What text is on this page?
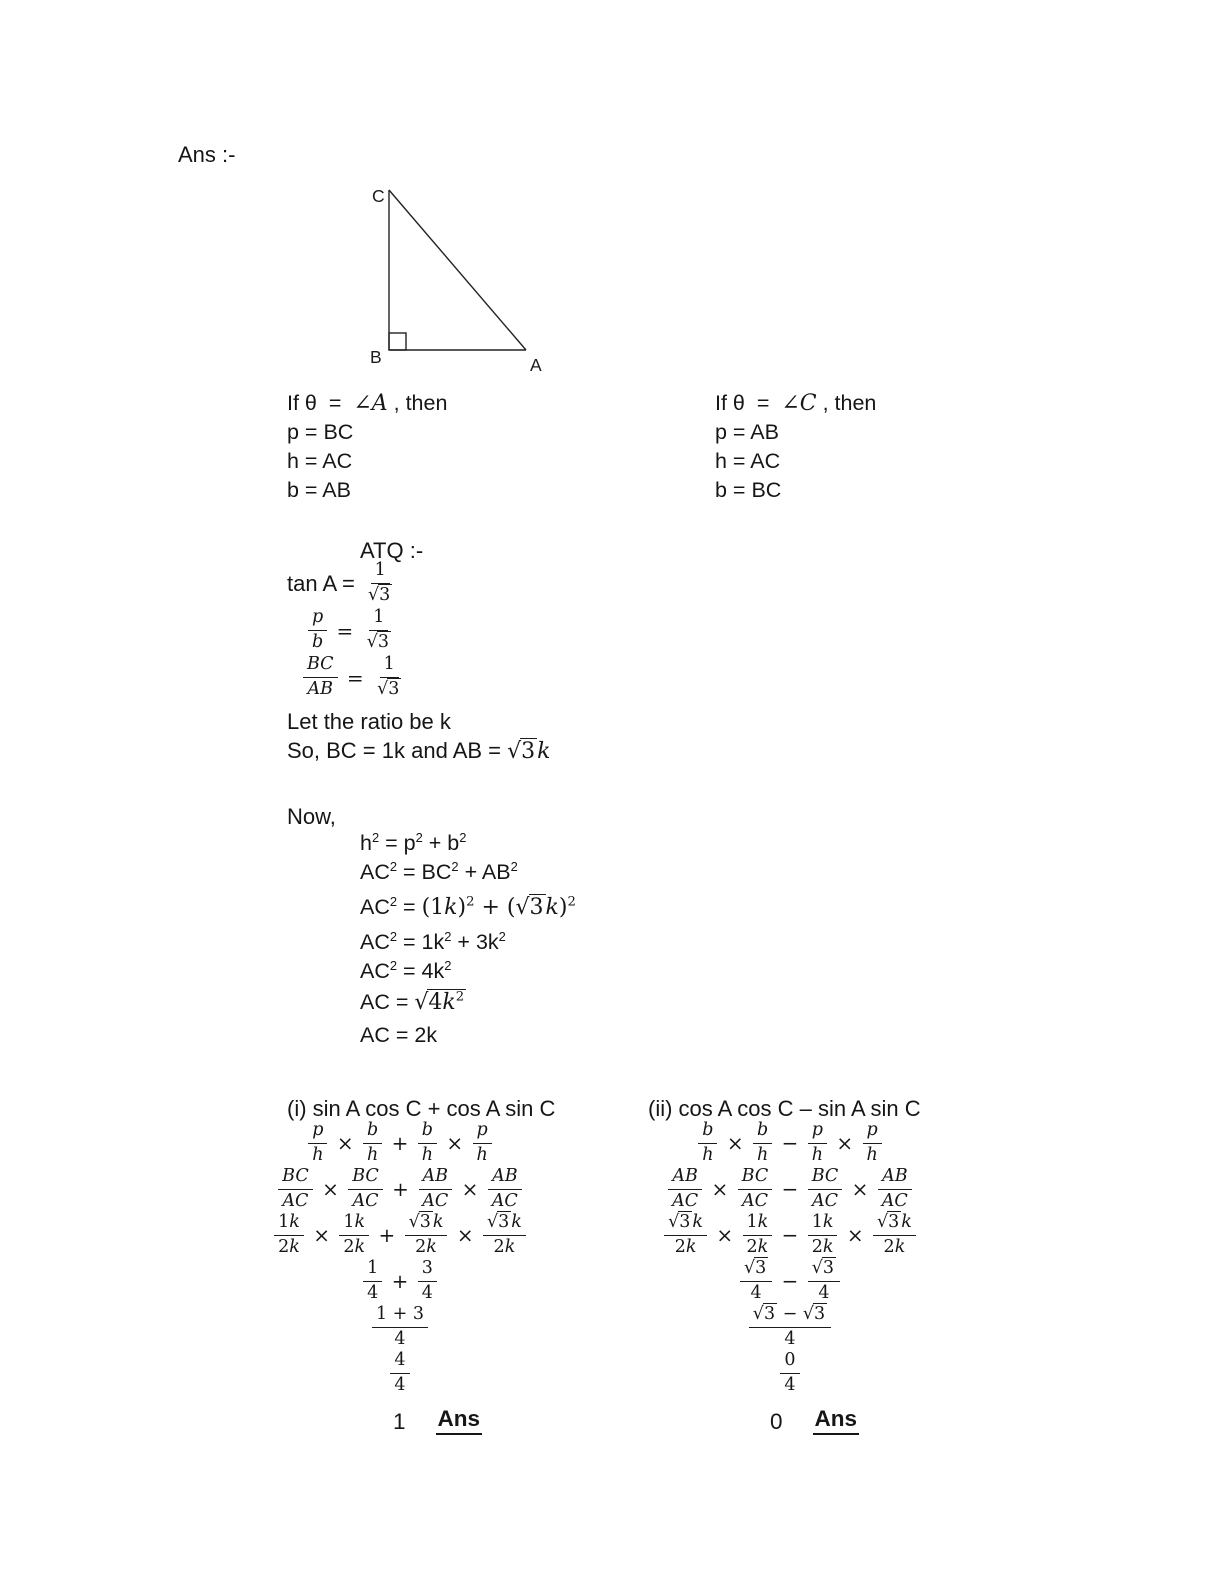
Ans :-
C
B	A
If θ  =  ∠A , then
p = BC
h = AC
b = AB
If θ  =  ∠C , then
p = AB
h = AC
b = BC
ATQ :-
$\tan A = \frac{1}{√3}$
$\frac{p}{b} = \frac{1}{√3}$
$\frac{BC}{AB} = \frac{1}{√3}$
Let the ratio be k
So, BC = 1k and AB = √3k
Now,
$h^2 = p^2 + b^2$
$AC^2 = BC^2 + AB^2$
$AC^2 = (1k)^2 + (√3k)^2$
$AC^2 = 1k^2 + 3k^2$
$AC^2 = 4k^2$
AC = $√4k^2$
AC = 2k
(i) sin A cos C + cos A sin C
$\frac{p}{h} \times \frac{b}{h} + \frac{b}{h} \times \frac{p}{h}$
$\frac{BC}{AC} \times \frac{BC}{AC} + \frac{AB}{AC} \times \frac{AB}{AC}$
$\frac{1k}{2k} \times \frac{1k}{2k} + \frac{√3 k}{2k} \times \frac{√3 k}{2k}$
$\frac{1}{4} + \frac{3}{4}$
$\frac{1 + 3}{4}$
$\frac{4}{4}$
1 Ans
(ii) cos A cos C – sin A sin C
$\frac{b}{h} \times \frac{b}{h} - \frac{p}{h} \times \frac{p}{h}$
$\frac{AB}{AC} \times \frac{BC}{AC} - \frac{BC}{AC} \times \frac{AB}{AC}$
$\frac{√3 k}{2k} \times \frac{1k}{2k} - \frac{1k}{2k} \times \frac{√3 k}{2k}$
$\frac{√3}{4} - \frac{√3}{4}$
$\frac{√3 - √3}{4}$
$\frac{0}{4}$
0 Ans
